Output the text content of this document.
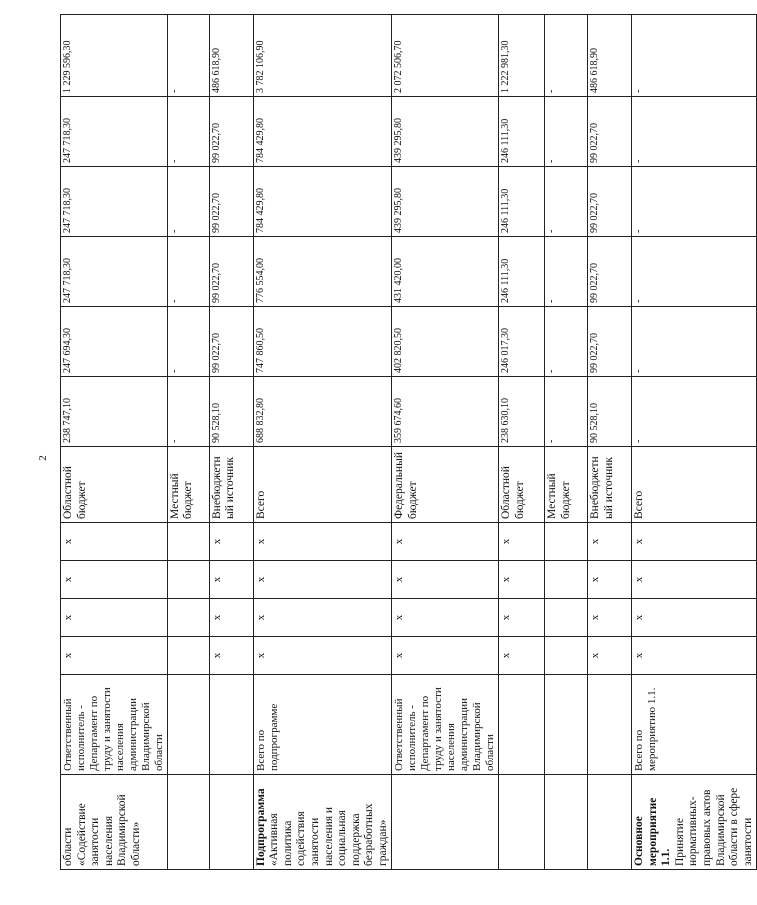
2
области «Содействие занятости населения Владимирской области»	Ответственный исполнитель - Департамент по труду и занятости населения администрации Владимирской области	x	x	x	x	Областной бюджет	238 747,10	247 694,30	247 718,30	247 718,30	247 718,30	1 229 596,30

						Местный бюджет	-	-	-	-	-	-

		x	x	x	x	Внебюджетный источник	90 528,10	99 022,70	99 022,70	99 022,70	99 022,70	486 618,90

Подпрограмма «Активная политика содействия занятости населения и социальная поддержка безработных граждан»	Всего по подпрограмме	x	x	x	x	Всего	688 832,80	747 860,50	776 554,00	784 429,80	784 429,80	3 782 106,90

	Ответственный исполнитель - Департамент по труду и занятости населения администрации Владимирской области	x	x	x	x	Федеральный бюджет	359 674,60	402 820,50	431 420,00	439 295,80	439 295,80	2 072 506,70

		x	x	x	x	Областной бюджет	238 630,10	246 017,30	246 111,30	246 111,30	246 111,30	1 222 981,30

						Местный бюджет	-	-	-	-	-	-

		x	x	x	x	Внебюджетный источник	90 528,10	99 022,70	99 022,70	99 022,70	99 022,70	486 618,90

Основное мероприятие 1.1. Принятие нормативных-правовых актов Владимирской области в сфере занятости	Всего по мероприятию 1.1.	x	x	x	x	Всего	-	-	-	-	-	-
